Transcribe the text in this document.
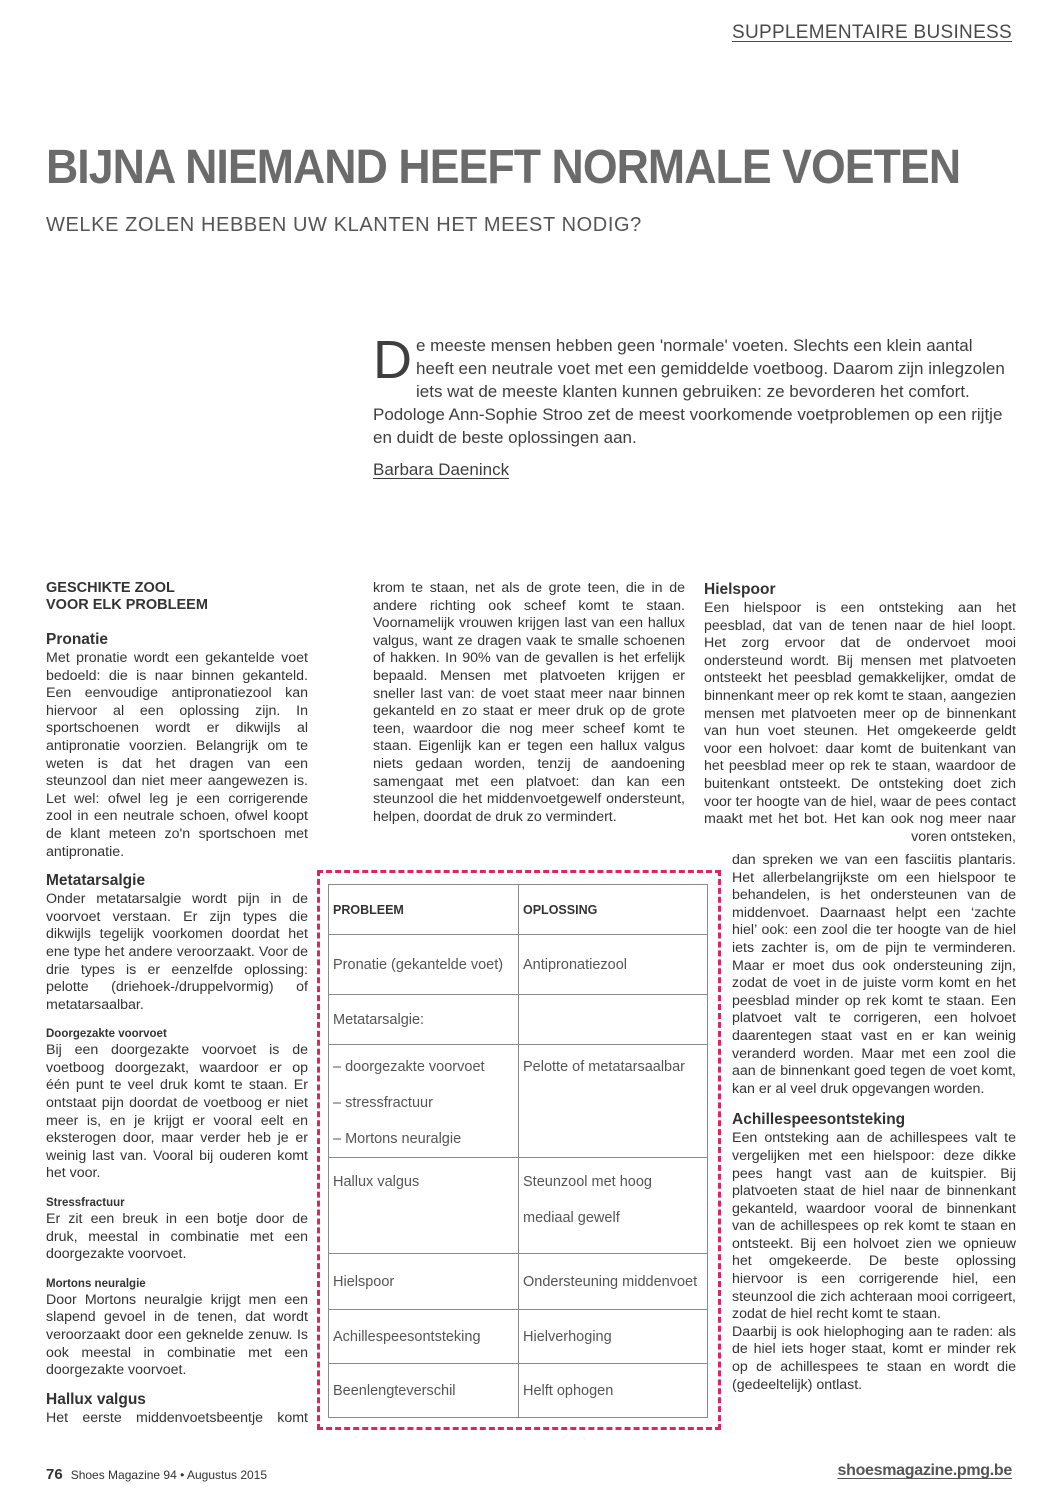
SUPPLEMENTAIRE BUSINESS
BIJNA NIEMAND HEEFT NORMALE VOETEN
WELKE ZOLEN HEBBEN UW KLANTEN HET MEEST NODIG?
De meeste mensen hebben geen 'normale' voeten. Slechts een klein aantal heeft een neutrale voet met een gemiddelde voetboog. Daarom zijn inlegzolen iets wat de meeste klanten kunnen gebruiken: ze bevorderen het comfort. Podologe Ann-Sophie Stroo zet de meest voorkomende voetproblemen op een rijtje en duidt de beste oplossingen aan.
Barbara Daeninck
GESCHIKTE ZOOL
VOOR ELK PROBLEEM
Pronatie

Met pronatie wordt een gekantelde voet bedoeld: die is naar binnen gekanteld. Een eenvoudige antipronatiezool kan hiervoor al een oplossing zijn. In sportschoenen wordt er dikwijls al antipronatie voorzien. Belangrijk om te weten is dat het dragen van een steunzool dan niet meer aangewezen is. Let wel: ofwel leg je een corrigerende zool in een neutrale schoen, ofwel koopt de klant meteen zo'n sportschoen met antipronatie.

Metatarsalgie

Onder metatarsalgie wordt pijn in de voorvoet verstaan. Er zijn types die dikwijls tegelijk voorkomen doordat het ene type het andere veroorzaakt. Voor de drie types is er eenzelfde oplossing: pelotte (driehoek-/druppelvormig) of metatarsaalbar.

Doorgezakte voorvoet

Bij een doorgezakte voorvoet is de voetboog doorgezakt, waardoor er op één punt te veel druk komt te staan. Er ontstaat pijn doordat de voetboog er niet meer is, en je krijgt er vooral eelt en eksterogen door, maar verder heb je er weinig last van. Vooral bij ouderen komt het voor.

Stressfractuur

Er zit een breuk in een botje door de druk, meestal in combinatie met een doorgezakte voorvoet.

Mortons neuralgie

Door Mortons neuralgie krijgt men een slapend gevoel in de tenen, dat wordt veroorzaakt door een geknelde zenuw. Is ook meestal in combinatie met een doorgezakte voorvoet.

Hallux valgus

Het eerste middenvoetsbeentje komt

krom te staan, net als de grote teen, die in de andere richting ook scheef komt te staan. Voornamelijk vrouwen krijgen last van een hallux valgus, want ze dragen vaak te smalle schoenen of hakken. In 90% van de gevallen is het erfelijk bepaald. Mensen met platvoeten krijgen er sneller last van: de voet staat meer naar binnen gekanteld en zo staat er meer druk op de grote teen, waardoor die nog meer scheef komt te staan. Eigenlijk kan er tegen een hallux valgus niets gedaan worden, tenzij de aandoening samengaat met een platvoet: dan kan een steunzool die het middenvoetgewelf ondersteunt, helpen, doordat de druk zo vermindert.

Hielspoor

Een hielspoor is een ontsteking aan het peesblad, dat van de tenen naar de hiel loopt. Het zorg ervoor dat de ondervoet mooi ondersteund wordt. Bij mensen met platvoeten ontsteekt het peesblad gemakkelijker, omdat de binnenkant meer op rek komt te staan, aangezien mensen met platvoeten meer op de binnenkant van hun voet steunen. Het omgekeerde geldt voor een holvoet: daar komt de buitenkant van het peesblad meer op rek te staan, waardoor de buitenkant ontsteekt. De ontsteking doet zich voor ter hoogte van de hiel, waar de pees contact maakt met het bot. Het kan ook nog meer naar voren ontsteken,

dan spreken we van een fasciitis plantaris. Het allerbelangrijkste om een hielspoor te behandelen, is het ondersteunen van de middenvoet. Daarnaast helpt een ‘zachte hiel’ ook: een zool die ter hoogte van de hiel iets zachter is, om de pijn te verminderen. Maar er moet dus ook ondersteuning zijn, zodat de voet in de juiste vorm komt en het peesblad minder op rek komt te staan. Een platvoet valt te corrigeren, een holvoet daarentegen staat vast en er kan weinig veranderd worden. Maar met een zool die aan de binnenkant goed tegen de voet komt, kan er al veel druk opgevangen worden.

Achillespeesontsteking

Een ontsteking aan de achillespees valt te vergelijken met een hielspoor: deze dikke pees hangt vast aan de kuitspier. Bij platvoeten staat de hiel naar de binnenkant gekanteld, waardoor vooral de binnenkant van de achillespees op rek komt te staan en ontsteekt. Bij een holvoet zien we opnieuw het omgekeerde. De beste oplossing hiervoor is een corrigerende hiel, een steunzool die zich achteraan mooi corrigeert, zodat de hiel recht komt te staan.

Daarbij is ook hielophoging aan te raden: als de hiel iets hoger staat, komt er minder rek op de achillespees te staan en wordt die (gedeeltelijk) ontlast.

PROBLEEM	OPLOSSING
Pronatie (gekantelde voet)	Antipronatiezool
Metatarsalgie:	

– doorgezakte voorvoet
– stressfractuur
– Mortons neuralgie	Pelotte of metatarsaalbar

Hallux valgus	Steunzool met hoog
mediaal gewelf

Hielspoor	Ondersteuning middenvoet
Achillespeesontsteking	Hielverhoging
Beenlengteverschil	Helft ophogen
76 Shoes Magazine 94 • Augustus 2015	shoesmagazine.pmg.be
